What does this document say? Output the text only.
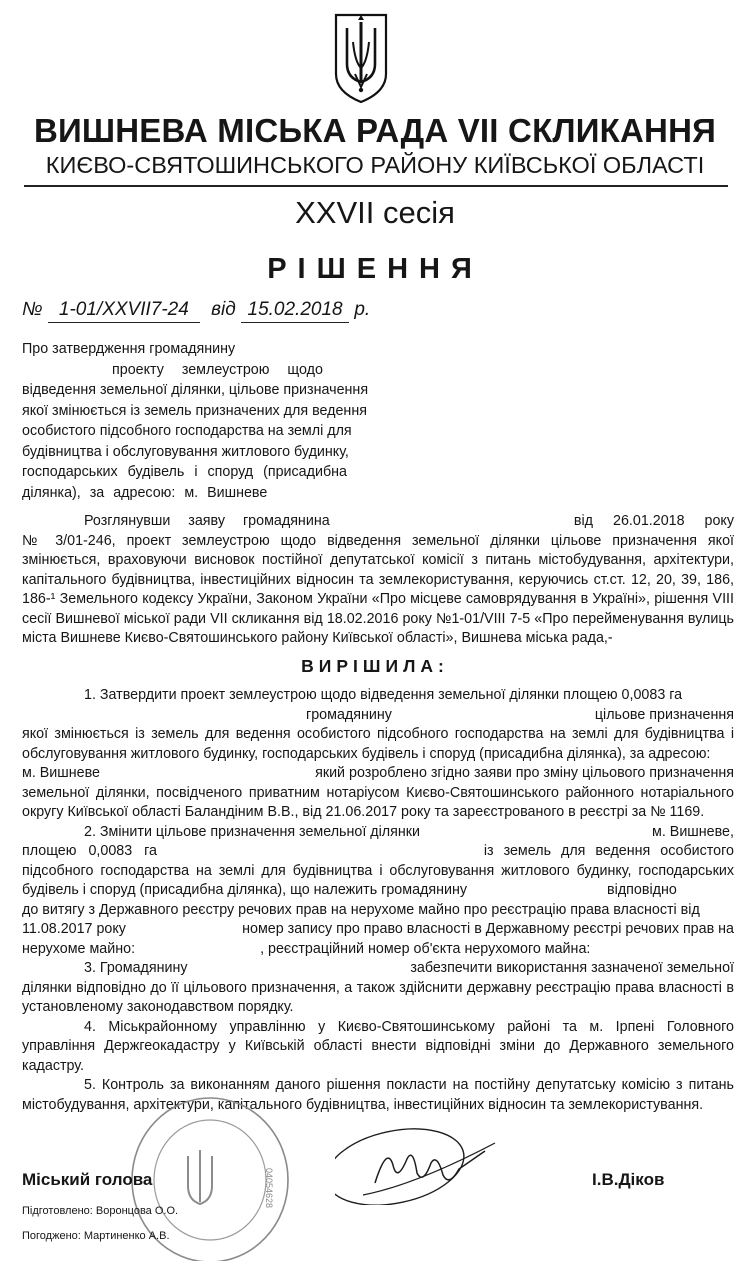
ВИШНЕВА МІСЬКА РАДА VII СКЛИКАННЯ
КИЄВО-СВЯТОШИНСЬКОГО РАЙОНУ КИЇВСЬКОЇ ОБЛАСТІ
XXVII сесія
РІШЕННЯ
№ 1-01/XXVII7-24 від 15.02.2018 р.
Про затвердження громадянину
проекту землеустрою щодо
відведення земельної ділянки, цільове призначення
якої змінюється із земель призначених для ведення
особистого підсобного господарства на землі для
будівництва і обслуговування житлового будинку,
господарських будівель і споруд (присадибна
ділянка), за адресою: м. Вишневе

Розглянувши заяву громадянина	від 26.01.2018 року

№ 3/01-246, проект землеустрою щодо відведення земельної ділянки цільове призначення якої змінюється, враховуючи висновок постійної депутатської комісії з питань містобудування, архітектури, капітального будівництва, інвестиційних відносин та землекористування, керуючись ст.ст. 12, 20, 39, 186, 186-¹ Земельного кодексу України, Законом України «Про місцеве самоврядування в Україні», рішення VIII сесії Вишневої міської ради VII скликання від 18.02.2016 року №1-01/VIII 7-5 «Про перейменування вулиць міста Вишневе Києво-Святошинського району Київської області», Вишнева міська рада,-

ВИРІШИЛА:

1. Затвердити проект землеустрою щодо відведення земельної ділянки площею 0,0083 га

громадянину	цільове призначення

якої змінюється із земель для ведення особистого підсобного господарства на землі для будівництва і обслуговування житлового будинку, господарських будівель і споруд (присадибна ділянка), за адресою:

м. Вишневе	який розроблено згідно заяви про зміну цільового призначення

земельної ділянки, посвідченого приватним нотаріусом Києво-Святошинського районного нотаріального округу Київської області Баландіним В.В., від 21.06.2017 року та зареєстрованого в реєстрі за № 1169.

2. Змінити цільове призначення земельної ділянки	м. Вишневе,

площею 0,0083 га	із земель для ведення особистого

підсобного господарства на землі для будівництва і обслуговування житлового будинку, господарських будівель і споруд (присадибна ділянка), що належить громадянину	відповідно

до витягу з Державного реєстру речових прав на нерухоме майно про реєстрацію права власності від

11.08.2017 року	номер запису про право власності в Державному реєстрі речових прав на

нерухоме майно:	, реєстраційний номер об'єкта нерухомого майна:

3. Громадянину	забезпечити використання зазначеної земельної

ділянки відповідно до її цільового призначення, а також здійснити державну реєстрацію права власності в установленому законодавством порядку.

4. Міськрайонному управлінню у Києво-Святошинському районі та м. Ірпені Головного управління Держгеокадастру у Київській області внести відповідні зміни до Державного земельного кадастру.

5. Контроль за виконанням даного рішення покласти на постійну депутатську комісію з питань містобудування, архітектури, капітального будівництва, інвестиційних відносин та землекористування.

04054628
Міський голова	І.В.Діков
Підготовлено: Воронцова О.О.
Погоджено: Мартиненко А.В.
